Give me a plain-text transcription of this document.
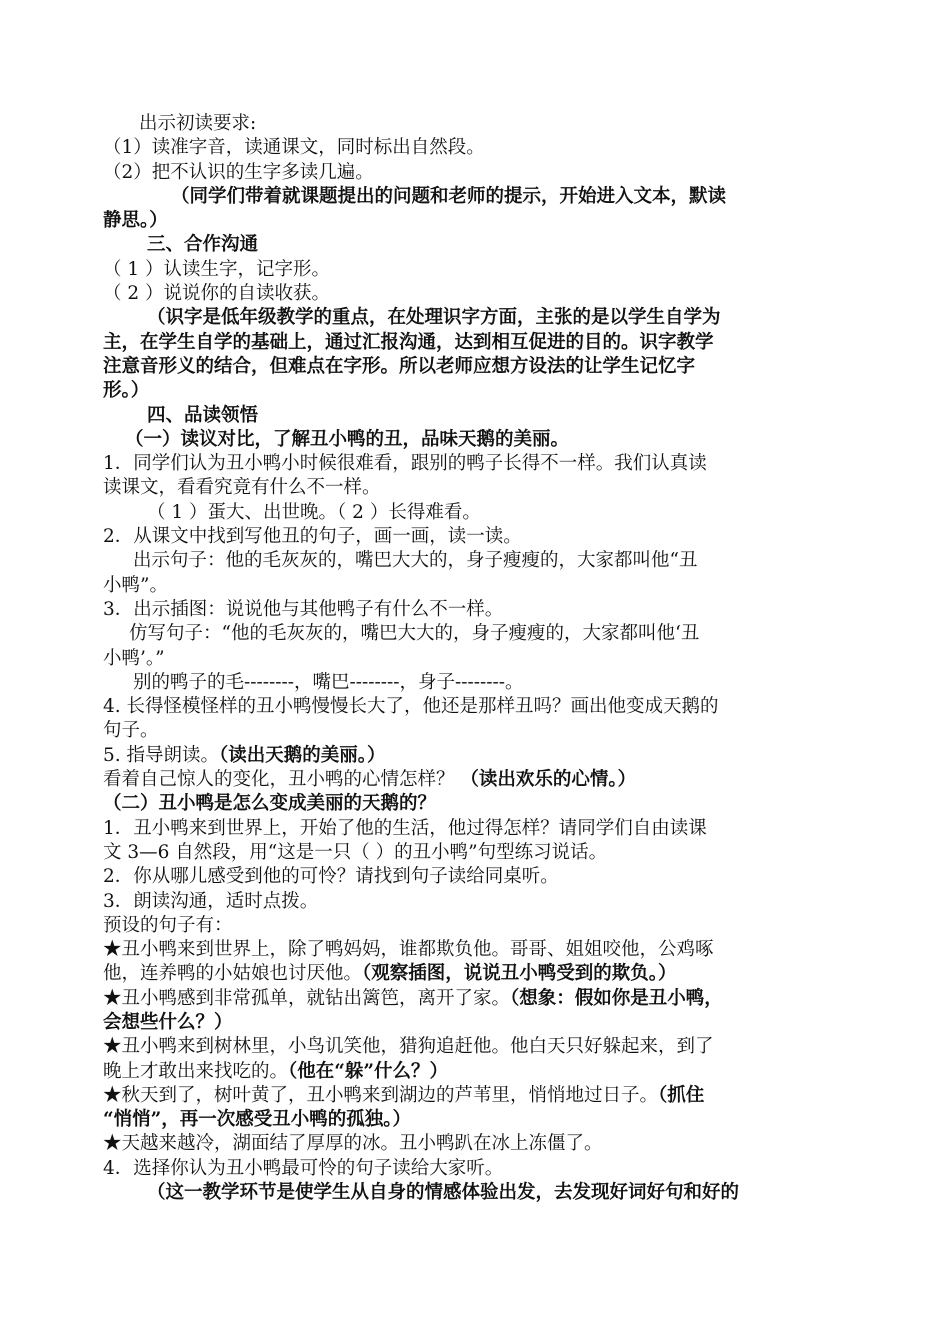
出示初读要求:
（1）读准字音，读通课文，同时标出自然段。
（2）把不认识的生字多读几遍。
（同学们带着就课题提出的问题和老师的提示，开始进入文本，默读
静思。）
三、合作沟通
（ 1 ）认读生字，记字形。
（ 2 ）说说你的自读收获。
（识字是低年级教学的重点，在处理识字方面，主张的是以学生自学为
主，在学生自学的基础上，通过汇报沟通，达到相互促进的目的。识字教学
注意音形义的结合，但难点在字形。所以老师应想方设法的让学生记忆字
形。）
四、品读领悟
（一）读议对比，了解丑小鸭的丑，品味天鹅的美丽。
1．同学们认为丑小鸭小时候很难看，跟别的鸭子长得不一样。我们认真读
读课文，看看究竟有什么不一样。
（ 1 ）蛋大、出世晚。（ 2 ）长得难看。
2．从课文中找到写他丑的句子，画一画，读一读。
出示句子：他的毛灰灰的，嘴巴大大的，身子瘦瘦的，大家都叫他“丑
小鸭”。
3．出示插图：说说他与其他鸭子有什么不一样。
仿写句子：“他的毛灰灰的，嘴巴大大的，身子瘦瘦的，大家都叫他‘丑
小鸭’。”
别的鸭子的毛--------，嘴巴--------，身子--------。
4. 长得怪模怪样的丑小鸭慢慢长大了，他还是那样丑吗？画出他变成天鹅的
句子。
5. 指导朗读。（读出天鹅的美丽。）
看着自己惊人的变化，丑小鸭的心情怎样？ （读出欢乐的心情。）
（二）丑小鸭是怎么变成美丽的天鹅的？
1．丑小鸭来到世界上，开始了他的生活，他过得怎样？请同学们自由读课
文 3—6 自然段，用“这是一只（ ）的丑小鸭”句型练习说话。
2．你从哪儿感受到他的可怜？请找到句子读给同桌听。
3．朗读沟通，适时点拨。
预设的句子有：
★丑小鸭来到世界上，除了鸭妈妈，谁都欺负他。哥哥、姐姐咬他，公鸡啄
他，连养鸭的小姑娘也讨厌他。（观察插图，说说丑小鸭受到的欺负。）
★丑小鸭感到非常孤单，就钻出篱笆，离开了家。（想象：假如你是丑小鸭，
会想些什么？）
★丑小鸭来到树林里，小鸟讥笑他，猎狗追赶他。他白天只好躲起来，到了
晚上才敢出来找吃的。（他在“躲”什么？）
★秋天到了，树叶黄了，丑小鸭来到湖边的芦苇里，悄悄地过日子。（抓住
“悄悄”，再一次感受丑小鸭的孤独。）
★天越来越冷，湖面结了厚厚的冰。丑小鸭趴在冰上冻僵了。
4．选择你认为丑小鸭最可怜的句子读给大家听。
（这一教学环节是使学生从自身的情感体验出发，去发现好词好句和好的
